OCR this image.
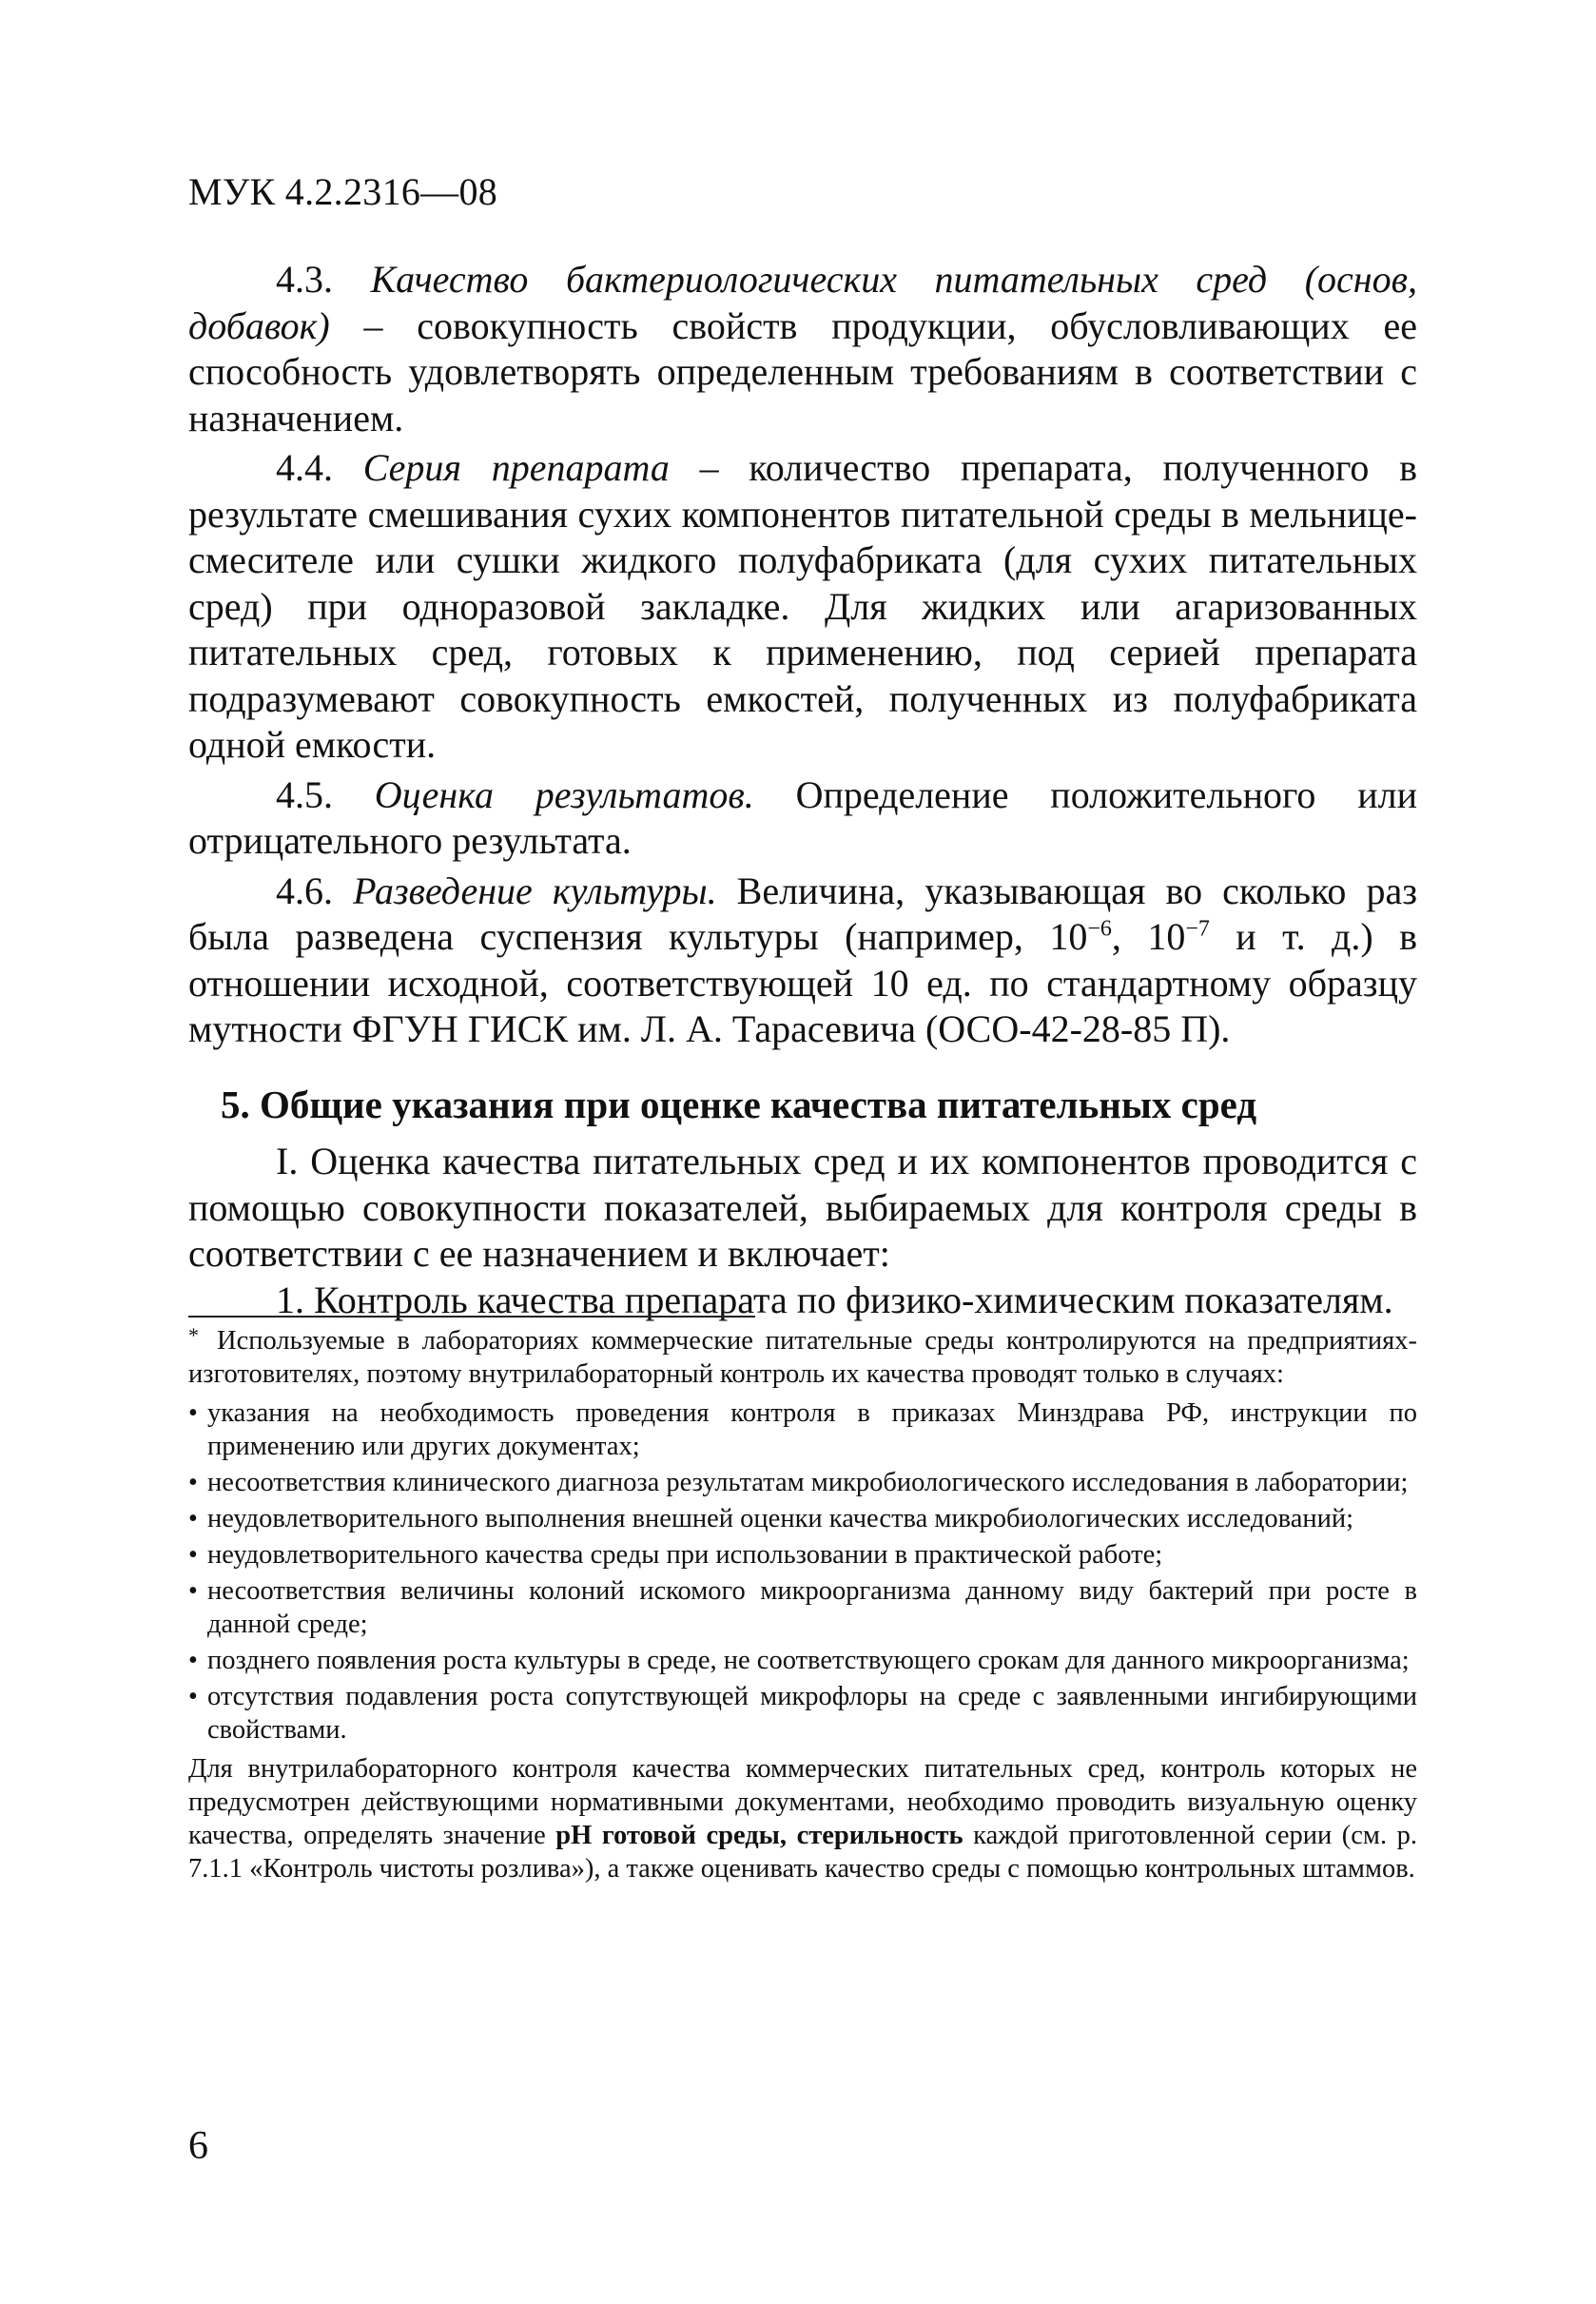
МУК 4.2.2316—08

4.3. Качество бактериологических питательных сред (основ, добавок) – совокупность свойств продукции, обусловливающих ее способность удовлетворять определенным требованиям в соответствии с назначением.

4.4. Серия препарата – количество препарата, полученного в результате смешивания сухих компонентов питательной среды в мельнице-смесителе или сушки жидкого полуфабриката (для сухих питательных сред) при одноразовой закладке. Для жидких или агаризованных питательных сред, готовых к применению, под серией препарата подразумевают совокупность емкостей, полученных из полуфабриката одной емкости.

4.5. Оценка результатов. Определение положительного или отрицательного результата.

4.6. Разведение культуры. Величина, указывающая во сколько раз была разведена суспензия культуры (например, $10^{-6}$, $10^{-7}$ и т. д.) в отношении исходной, соответствующей 10 ед. по стандартному образцу мутности ФГУН ГИСК им. Л. А. Тарасевича (ОСО-42-28-85 П).

5. Общие указания при оценке качества питательных сред

I. Оценка качества питательных сред и их компонентов проводится с помощью совокупности показателей, выбираемых для контроля среды в соответствии с ее назначением и включает:

1. Контроль качества препарата по физико-химическим показателям.

* Используемые в лабораториях коммерческие питательные среды контролируются на предприятиях-изготовителях, поэтому внутрилабораторный контроль их качества проводят только в случаях:

• указания на необходимость проведения контроля в приказах Минздрава РФ, инструкции по применению или других документах;
• несоответствия клинического диагноза результатам микробиологического исследования в лаборатории;
• неудовлетворительного выполнения внешней оценки качества микробиологических исследований;
• неудовлетворительного качества среды при использовании в практической работе;
• несоответствия величины колоний искомого микроорганизма данному виду бактерий при росте в данной среде;
• позднего появления роста культуры в среде, не соответствующего срокам для данного микроорганизма;
• отсутствия подавления роста сопутствующей микрофлоры на среде с заявленными ингибирующими свойствами.

Для внутрилабораторного контроля качества коммерческих питательных сред, контроль которых не предусмотрен действующими нормативными документами, необходимо проводить визуальную оценку качества, определять значение рН готовой среды, стерильность каждой приготовленной серии (см. р. 7.1.1 «Контроль чистоты розлива»), а также оценивать качество среды с помощью контрольных штаммов.

6
